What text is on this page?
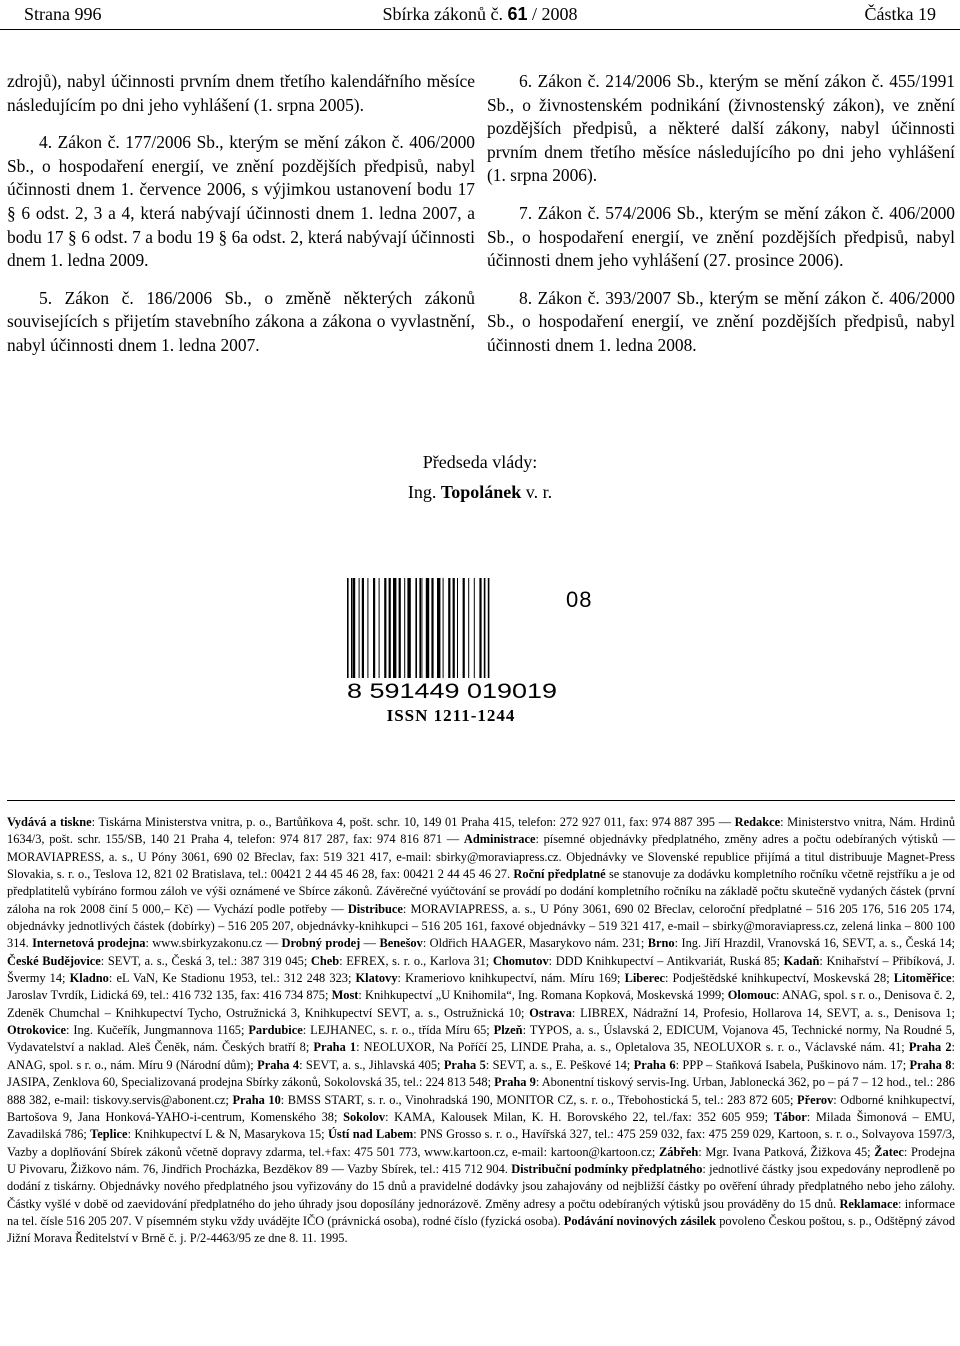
Strana 996	Sbírka zákonů č. 61 / 2008	Částka 19

zdrojů), nabyl účinnosti prvním dnem třetího kalendářního měsíce následujícím po dni jeho vyhlášení (1. srpna 2005).

4. Zákon č. 177/2006 Sb., kterým se mění zákon č. 406/2000 Sb., o hospodaření energií, ve znění pozdějších předpisů, nabyl účinnosti dnem 1. července 2006, s výjimkou ustanovení bodu 17 § 6 odst. 2, 3 a 4, která nabývají účinnosti dnem 1. ledna 2007, a bodu 17 § 6 odst. 7 a bodu 19 § 6a odst. 2, která nabývají účinnosti dnem 1. ledna 2009.

5. Zákon č. 186/2006 Sb., o změně některých zákonů souvisejících s přijetím stavebního zákona a zákona o vyvlastnění, nabyl účinnosti dnem 1. ledna 2007.

6. Zákon č. 214/2006 Sb., kterým se mění zákon č. 455/1991 Sb., o živnostenském podnikání (živnostenský zákon), ve znění pozdějších předpisů, a některé další zákony, nabyl účinnosti prvním dnem třetího měsíce následujícího po dni jeho vyhlášení (1. srpna 2006).

7. Zákon č. 574/2006 Sb., kterým se mění zákon č. 406/2000 Sb., o hospodaření energií, ve znění pozdějších předpisů, nabyl účinnosti dnem jeho vyhlášení (27. prosince 2006).

8. Zákon č. 393/2007 Sb., kterým se mění zákon č. 406/2000 Sb., o hospodaření energií, ve znění pozdějších předpisů, nabyl účinnosti dnem 1. ledna 2008.

Předseda vlády:
Ing. Topolánek v. r.
8 591449 019019
08
ISSN 1211-1244
Vydává a tiskne: Tiskárna Ministerstva vnitra, p. o., Bartůňkova 4, pošt. schr. 10, 149 01 Praha 415, telefon: 272 927 011, fax: 974 887 395 — Redakce: Ministerstvo vnitra, Nám. Hrdinů 1634/3, pošt. schr. 155/SB, 140 21 Praha 4, telefon: 974 817 287, fax: 974 816 871 — Administrace: písemné objednávky předplatného, změny adres a počtu odebíraných výtisků — MORAVIAPRESS, a. s., U Póny 3061, 690 02 Břeclav, fax: 519 321 417, e-mail: sbirky@moraviapress.cz. Objednávky ve Slovenské republice přijímá a titul distribuuje Magnet-Press Slovakia, s. r. o., Teslova 12, 821 02 Bratislava, tel.: 00421 2 44 45 46 28, fax: 00421 2 44 45 46 27. Roční předplatné se stanovuje za dodávku kompletního ročníku včetně rejstříku a je od předplatitelů vybíráno formou záloh ve výši oznámené ve Sbírce zákonů. Závěrečné vyúčtování se provádí po dodání kompletního ročníku na základě počtu skutečně vydaných částek (první záloha na rok 2008 činí 5 000,– Kč) — Vychází podle potřeby — Distribuce: MORAVIAPRESS, a. s., U Póny 3061, 690 02 Břeclav, celoroční předplatné – 516 205 176, 516 205 174, objednávky jednotlivých částek (dobírky) – 516 205 207, objednávky-knihkupci – 516 205 161, faxové objednávky – 519 321 417, e-mail – sbirky@moraviapress.cz, zelená linka – 800 100 314. Internetová prodejna: www.sbirkyzakonu.cz — Drobný prodej — Benešov: Oldřich HAAGER, Masarykovo nám. 231; Brno: Ing. Jiří Hrazdil, Vranovská 16, SEVT, a. s., Česká 14; České Budějovice: SEVT, a. s., Česká 3, tel.: 387 319 045; Cheb: EFREX, s. r. o., Karlova 31; Chomutov: DDD Knihkupectví – Antikvariát, Ruská 85; Kadaň: Knihařství – Přibíková, J. Švermy 14; Kladno: eL VaN, Ke Stadionu 1953, tel.: 312 248 323; Klatovy: Krameriovo knihkupectví, nám. Míru 169; Liberec: Podještědské knihkupectví, Moskevská 28; Litoměřice: Jaroslav Tvrdík, Lidická 69, tel.: 416 732 135, fax: 416 734 875; Most: Knihkupectví „U Knihomila“, Ing. Romana Kopková, Moskevská 1999; Olomouc: ANAG, spol. s r. o., Denisova č. 2, Zdeněk Chumchal – Knihkupectví Tycho, Ostružnická 3, Knihkupectví SEVT, a. s., Ostružnická 10; Ostrava: LIBREX, Nádražní 14, Profesio, Hollarova 14, SEVT, a. s., Denisova 1; Otrokovice: Ing. Kučeřík, Jungmannova 1165; Pardubice: LEJHANEC, s. r. o., třída Míru 65; Plzeň: TYPOS, a. s., Úslavská 2, EDICUM, Vojanova 45, Technické normy, Na Roudné 5, Vydavatelství a naklad. Aleš Čeněk, nám. Českých bratří 8; Praha 1: NEOLUXOR, Na Poříčí 25, LINDE Praha, a. s., Opletalova 35, NEOLUXOR s. r. o., Václavské nám. 41; Praha 2: ANAG, spol. s r. o., nám. Míru 9 (Národní dům); Praha 4: SEVT, a. s., Jihlavská 405; Praha 5: SEVT, a. s., E. Peškové 14; Praha 6: PPP – Staňková Isabela, Puškinovo nám. 17; Praha 8: JASIPA, Zenklova 60, Specializovaná prodejna Sbírky zákonů, Sokolovská 35, tel.: 224 813 548; Praha 9: Abonentní tiskový servis-Ing. Urban, Jablonecká 362, po – pá 7 – 12 hod., tel.: 286 888 382, e-mail: tiskovy.servis@abonent.cz; Praha 10: BMSS START, s. r. o., Vinohradská 190, MONITOR CZ, s. r. o., Třebohostická 5, tel.: 283 872 605; Přerov: Odborné knihkupectví, Bartošova 9, Jana Honková-YAHO-i-centrum, Komenského 38; Sokolov: KAMA, Kalousek Milan, K. H. Borovského 22, tel./fax: 352 605 959; Tábor: Milada Šimonová – EMU, Zavadilská 786; Teplice: Knihkupectví L & N, Masarykova 15; Ústí nad Labem: PNS Grosso s. r. o., Havířská 327, tel.: 475 259 032, fax: 475 259 029, Kartoon, s. r. o., Solvayova 1597/3, Vazby a doplňování Sbírek zákonů včetně dopravy zdarma, tel.+fax: 475 501 773, www.kartoon.cz, e-mail: kartoon@kartoon.cz; Zábřeh: Mgr. Ivana Patková, Žižkova 45; Žatec: Prodejna U Pivovaru, Žižkovo nám. 76, Jindřich Procházka, Bezděkov 89 — Vazby Sbírek, tel.: 415 712 904. Distribuční podmínky předplatného: jednotlivé částky jsou expedovány neprodleně po dodání z tiskárny. Objednávky nového předplatného jsou vyřizovány do 15 dnů a pravidelné dodávky jsou zahajovány od nejbližší částky po ověření úhrady předplatného nebo jeho zálohy. Částky vyšlé v době od zaevidování předplatného do jeho úhrady jsou doposílány jednorázově. Změny adresy a počtu odebíraných výtisků jsou prováděny do 15 dnů. Reklamace: informace na tel. čísle 516 205 207. V písemném styku vždy uvádějte IČO (právnická osoba), rodné číslo (fyzická osoba). Podávání novinových zásilek povoleno Českou poštou, s. p., Odštěpný závod Jižní Morava Ředitelství v Brně č. j. P/2-4463/95 ze dne 8. 11. 1995.
